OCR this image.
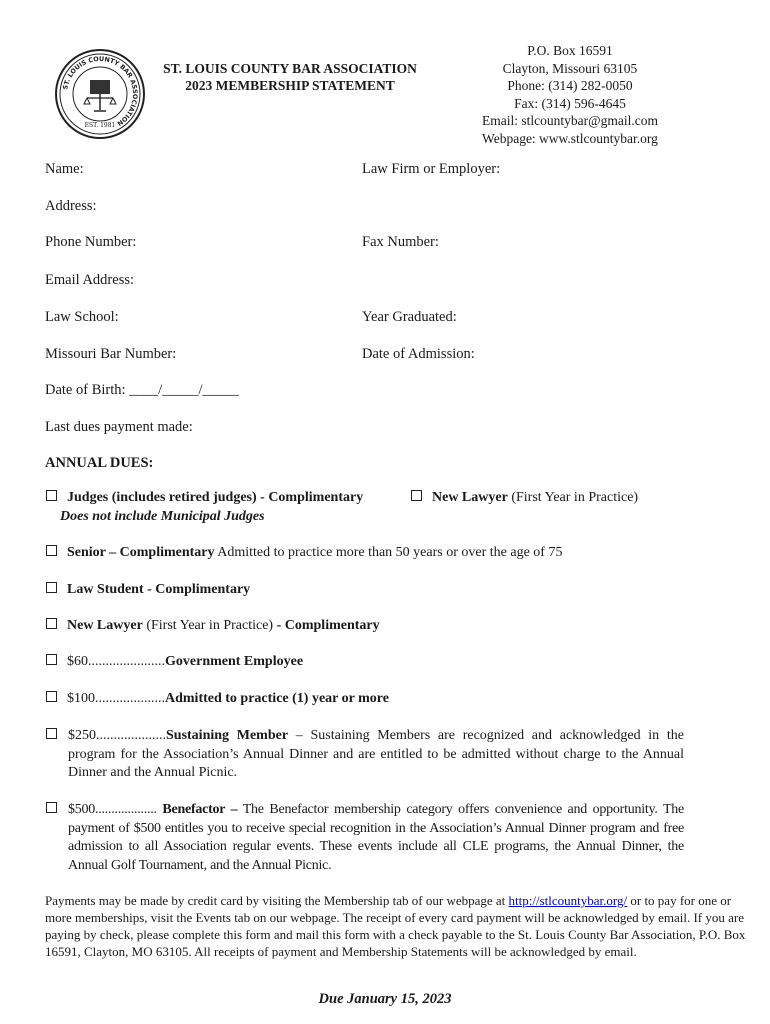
ST. LOUIS COUNTY BAR ASSOCIATION
EST. 1981
ST. LOUIS COUNTY BAR ASSOCIATION
2023 MEMBERSHIP STATEMENT
P.O. Box 16591
Clayton, Missouri 63105
Phone: (314) 282-0050
Fax: (314) 596-4645
Email: stlcountybar@gmail.com
Webpage: www.stlcountybar.org
Name:	Law Firm or Employer:
Address:
Phone Number:	Fax Number:
Email Address:
Law School:	Year Graduated:
Missouri Bar Number:	Date of Admission:
Date of Birth: ____/_____/_____
Last dues payment made:
ANNUAL DUES:
Judges (includes retired judges) - Complimentary
Does not include Municipal Judges
New Lawyer (First Year in Practice)
Senior – Complimentary Admitted to practice more than 50 years or over the age of 75
Law Student - Complimentary
New Lawyer (First Year in Practice) - Complimentary
$60......................Government Employee
$100....................Admitted to practice (1) year or more
$250....................Sustaining Member – Sustaining Members are recognized and acknowledged in the program for the Association’s Annual Dinner and are entitled to be admitted without charge to the Annual Dinner and the Annual Picnic.
$500................... Benefactor – The Benefactor membership category offers convenience and opportunity. The payment of $500 entitles you to receive special recognition in the Association’s Annual Dinner program and free admission to all Association regular events. These events include all CLE programs, the Annual Dinner, the Annual Golf Tournament, and the Annual Picnic.
Payments may be made by credit card by visiting the Membership tab of our webpage at http://stlcountybar.org/ or to pay for one or more memberships, visit the Events tab on our webpage. The receipt of every card payment will be acknowledged by email. If you are paying by check, please complete this form and mail this form with a check payable to the St. Louis County Bar Association, P.O. Box 16591, Clayton, MO 63105. All receipts of payment and Membership Statements will be acknowledged by email.
Due January 15, 2023
